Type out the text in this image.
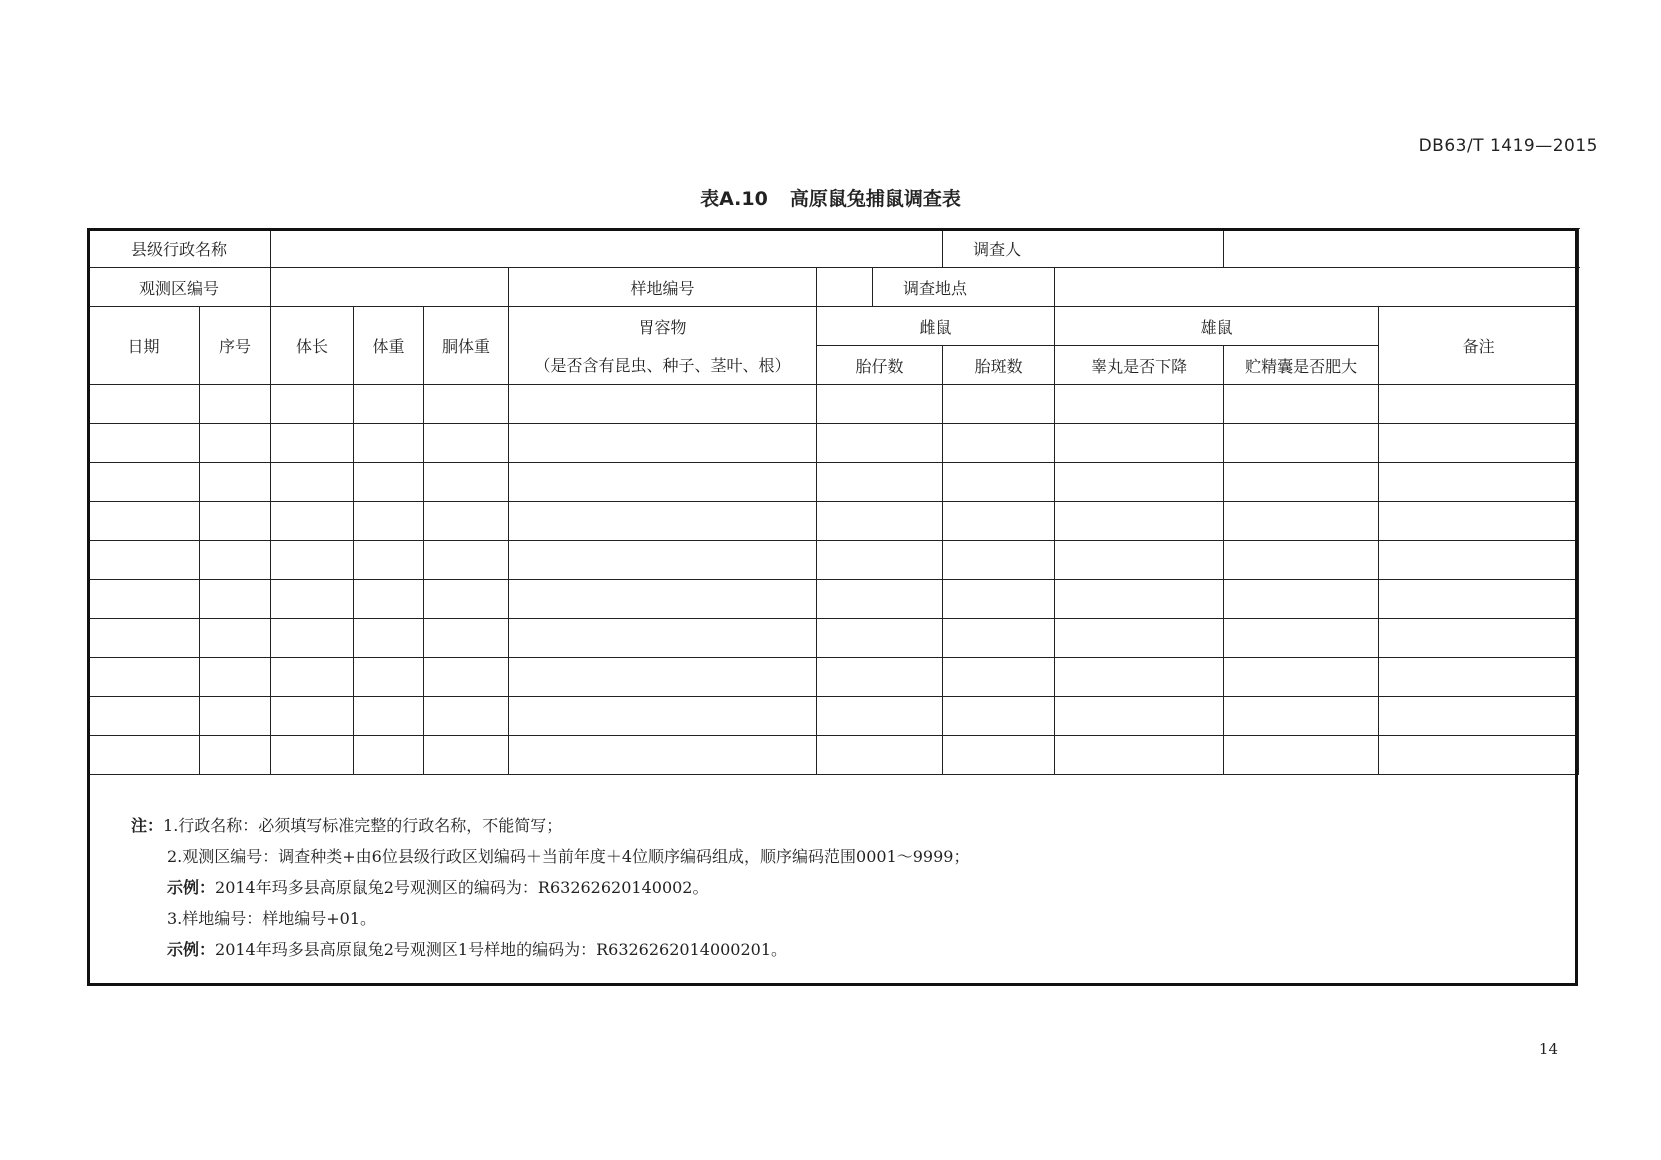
DB63/T 1419—2015
表A.10 高原鼠兔捕鼠调查表
县级行政名称								调查人			
观测区编号					样地编号		调查地点				
日期	序号	体长	体重	胴体重	胃容物	雌鼠			雄鼠		备注
					（是否含有昆虫、种子、茎叶、根）	胎仔数		胎斑数	睾丸是否下降	贮精囊是否肥大	

注：1.行政名称：必须填写标准完整的行政名称，不能简写；
2.观测区编号：调查种类+由6位县级行政区划编码＋当前年度＋4位顺序编码组成，顺序编码范围0001～9999；
示例：2014年玛多县高原鼠兔2号观测区的编码为：R63262620140002。
3.样地编号：样地编号+01。
示例：2014年玛多县高原鼠兔2号观测区1号样地的编码为：R6326262014000201。
14
